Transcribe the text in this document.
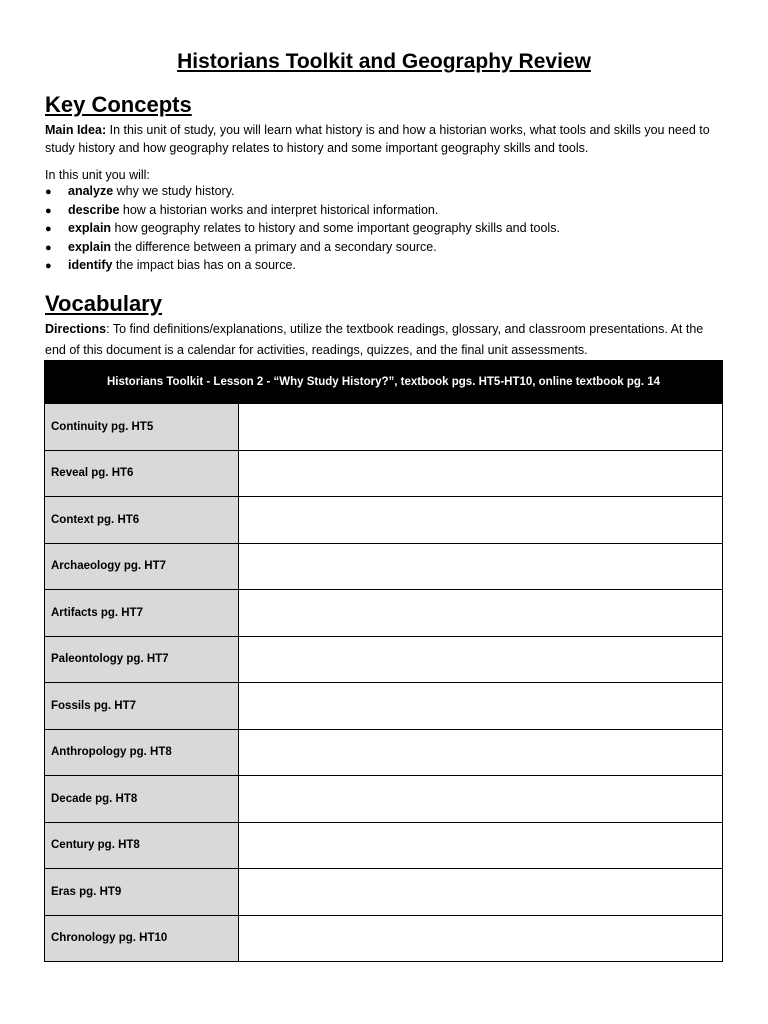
Historians Toolkit and Geography Review
Key Concepts
Main Idea: In this unit of study, you will learn what history is and how a historian works, what tools and skills you need to study history and how geography relates to history and some important geography skills and tools.
In this unit you will:
● analyze why we study history.
● describe how a historian works and interpret historical information.
● explain how geography relates to history and some important geography skills and tools.
● explain the difference between a primary and a secondary source.
● identify the impact bias has on a source.
Vocabulary
Directions: To find definitions/explanations, utilize the textbook readings, glossary, and classroom presentations. At the end of this document is a calendar for activities, readings, quizzes, and the final unit assessments.
Historians Toolkit - Lesson 2 - “Why Study History?”, textbook pgs. HT5-HT10, online textbook pg. 14	
Continuity pg. HT5	
Reveal pg. HT6	
Context pg. HT6	
Archaeology pg. HT7	
Artifacts pg. HT7	
Paleontology pg. HT7	
Fossils pg. HT7	
Anthropology pg. HT8	
Decade pg. HT8	
Century pg. HT8	
Eras pg. HT9	
Chronology pg. HT10	
